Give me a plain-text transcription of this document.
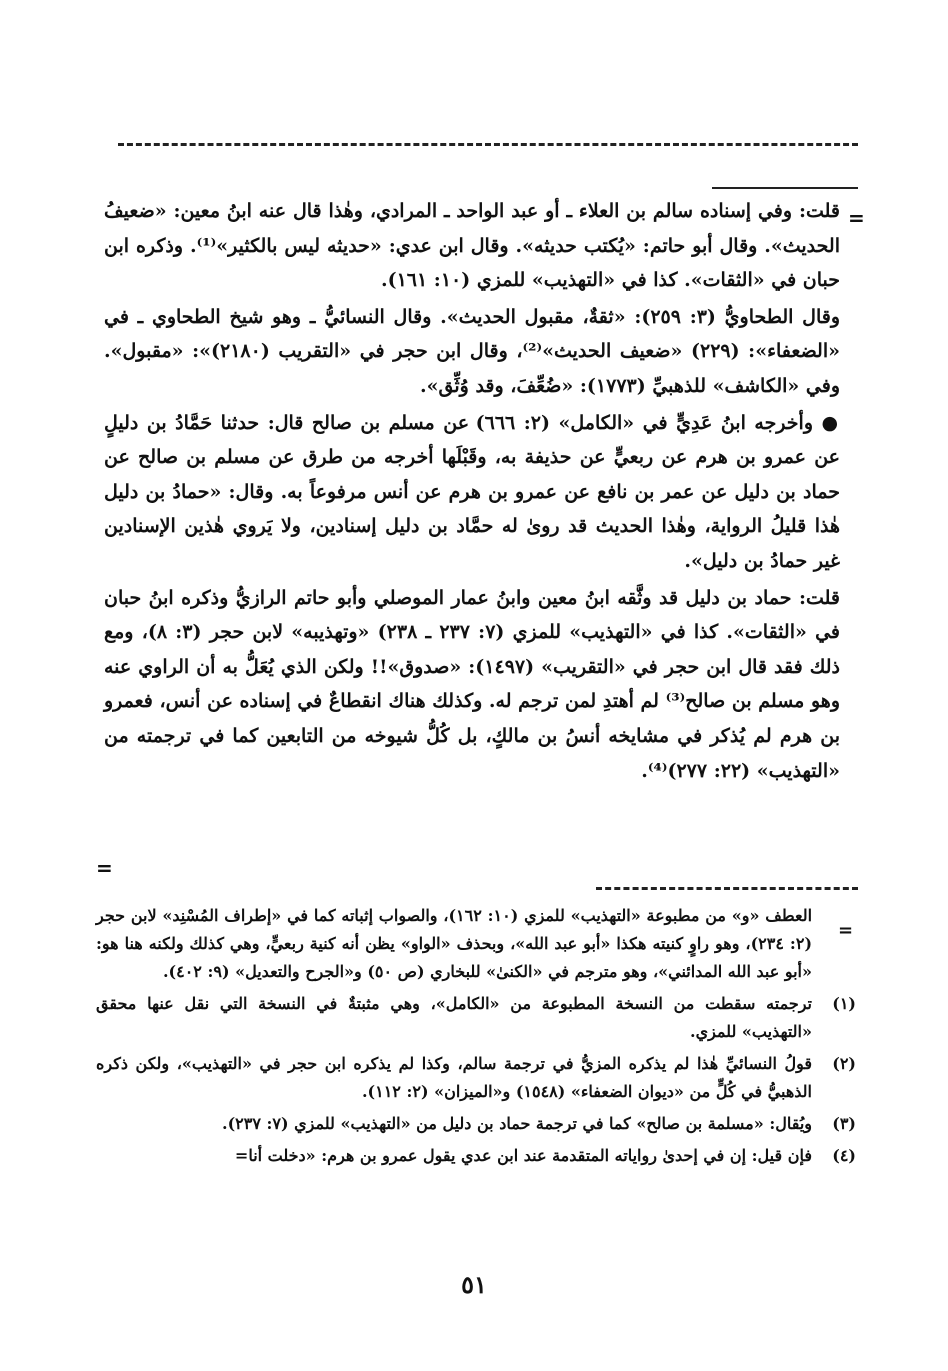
=

قلت: وفي إسناده سالم بن العلاء ـ أو عبد الواحد ـ المرادي، وهٰذا قال عنه ابنُ معين: «ضعيفُ الحديث». وقال أبو حاتم: «يُكتب حديثه». وقال ابن عدي: «حديثه ليس بالكثير»⁽¹⁾. وذكره ابن حبان في «الثقات». كذا في «التهذيب» للمزي (١٠: ١٦١).

وقال الطحاويُّ (٣: ٢٥٩): «ثقةٌ، مقبول الحديث». وقال النسائيُّ ـ وهو شيخ الطحاوي ـ في «الضعفاء»: (٢٢٩) «ضعيف الحديث»⁽²⁾، وقال ابن حجر في «التقريب (٢١٨٠)»: «مقبول». وفي «الكاشف» للذهبيِّ (١٧٧٣): «ضُعِّفَ، وقد وُثِّق».

● وأخرجه ابنُ عَدِيٍّ في «الكامل» (٢: ٦٦٦) عن مسلم بن صالح قال: حدثنا حَمَّادُ بن دليلٍ عن عمرو بن هرم عن ربعيٍّ عن حذيفة به، وقَبْلَها أخرجه من طرق عن مسلم بن صالح عن حماد بن دليل عن عمر بن نافع عن عمرو بن هرم عن أنس مرفوعاً به. وقال: «حمادُ بن دليل هٰذا قليلُ الرواية، وهٰذا الحديث قد روىٰ له حمَّاد بن دليل إسنادين، ولا يَروي هٰذين الإسنادين غير حمادُ بن دليل».

قلت: حماد بن دليل قد وثَّقه ابنُ معين وابنُ عمار الموصلي وأبو حاتم الرازيُّ وذكره ابنُ حبان في «الثقات». كذا في «التهذيب» للمزي (٧: ٢٣٧ ـ ٢٣٨) «وتهذيبه» لابن حجر (٣: ٨)، ومع ذلك فقد قال ابن حجر في «التقريب» (١٤٩٧): «صدوق»!! ولكن الذي يُعَلُّ به أن الراوي عنه وهو مسلم بن صالح⁽³⁾ لم أهتدِ لمن ترجم له. وكذلك هناك انقطاعٌ في إسناده عن أنس، فعمرو بن هرم لم يُذكر في مشايخه أنسُ بن مالكٍ، بل كُلُّ شيوخه من التابعين كما في ترجمته من «التهذيب» (٢٢: ٢٧٧)⁽⁴⁾.

=
=
العطف «و» من مطبوعة «التهذيب» للمزي (١٠: ١٦٢)، والصواب إثباته كما في «إطراف المُسْنِد» لابن حجر (٢: ٢٣٤)، وهو راوٍ كنيته هكذا «أبو عبد الله»، وبحذف «الواو» يظن أنه كنية ربعيٍّ، وهي كذلك ولكنه هنا هو: «أبو عبد الله المدائني»، وهو مترجم في «الكنىٰ» للبخاري (ص ٥٠) و«الجرح والتعديل» (٩: ٤٠٢).
(١)
ترجمته سقطت من النسخة المطبوعة من «الكامل»، وهي مثبتةٌ في النسخة التي نقل عنها محقق «التهذيب» للمزي.
(٢)
قولُ النسائيِّ هٰذا لم يذكره المزيُّ في ترجمة سالم، وكذا لم يذكره ابن حجر في «التهذيب»، ولكن ذكره الذهبيُّ في كُلٍّ من «ديوان الضعفاء» (١٥٤٨) و«الميزان» (٢: ١١٢).
(٣)
ويُقال: «مسلمة بن صالح» كما في ترجمة حماد بن دليل من «التهذيب» للمزي (٧: ٢٣٧).
(٤)
فإن قيل: إن في إحدىٰ رواياته المتقدمة عند ابن عدي يقول عمرو بن هرم: «دخلت أنا=
٥١
